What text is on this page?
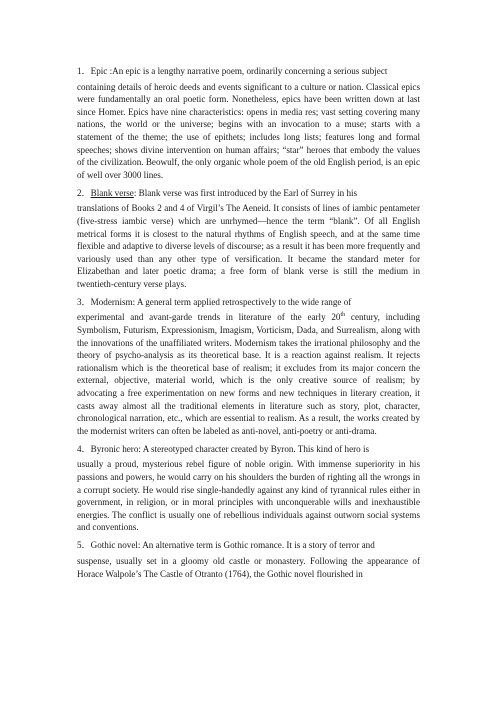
1．Epic :An epic is a lengthy narrative poem, ordinarily concerning a serious subject
containing details of heroic deeds and events significant to a culture or nation. Classical epics were fundamentally an oral poetic form. Nonetheless, epics have been written down at last since Homer. Epics have nine characteristics: opens in media res; vast setting covering many nations, the world or the universe; begins with an invocation to a muse; starts with a statement of the theme; the use of epithets; includes long lists; features long and formal speeches; shows divine intervention on human affairs; “star” heroes that embody the values of the civilization. Beowulf, the only organic whole poem of the old English period, is an epic of well over 3000 lines.

2．Blank verse: Blank verse was first introduced by the Earl of Surrey in his
translations of Books 2 and 4 of Virgil’s The Aeneid. It consists of lines of iambic pentameter (five-stress iambic verse) which are unrhymed—hence the term “blank”. Of all English metrical forms it is closest to the natural rhythms of English speech, and at the same time flexible and adaptive to diverse levels of discourse; as a result it has been more frequently and variously used than any other type of versification. It became the standard meter for Elizabethan and later poetic drama; a free form of blank verse is still the medium in twentieth-century verse plays.

3．Modernism: A general term applied retrospectively to the wide range of
experimental and avant-garde trends in literature of the early 20th century, including Symbolism, Futurism, Expressionism, Imagism, Vorticism, Dada, and Surrealism, along with the innovations of the unaffiliated writers. Modernism takes the irrational philosophy and the theory of psycho-analysis as its theoretical base. It is a reaction against realism. It rejects rationalism which is the theoretical base of realism; it excludes from its major concern the external, objective, material world, which is the only creative source of realism; by advocating a free experimentation on new forms and new techniques in literary creation, it casts away almost all the traditional elements in literature such as story, plot, character, chronological narration, etc., which are essential to realism. As a result, the works created by the modernist writers can often be labeled as anti-novel, anti-poetry or anti-drama.

4．Byronic hero: A stereotyped character created by Byron. This kind of hero is
usually a proud, mysterious rebel figure of noble origin. With immense superiority in his passions and powers, he would carry on his shoulders the burden of righting all the wrongs in a corrupt society. He would rise single-handedly against any kind of tyrannical rules either in government, in religion, or in moral principles with unconquerable wills and inexhaustible energies. The conflict is usually one of rebellious individuals against outworn social systems and conventions.

5．Gothic novel: An alternative term is Gothic romance. It is a story of terror and
suspense, usually set in a gloomy old castle or monastery. Following the appearance of Horace Walpole’s The Castle of Otranto (1764), the Gothic novel flourished in
